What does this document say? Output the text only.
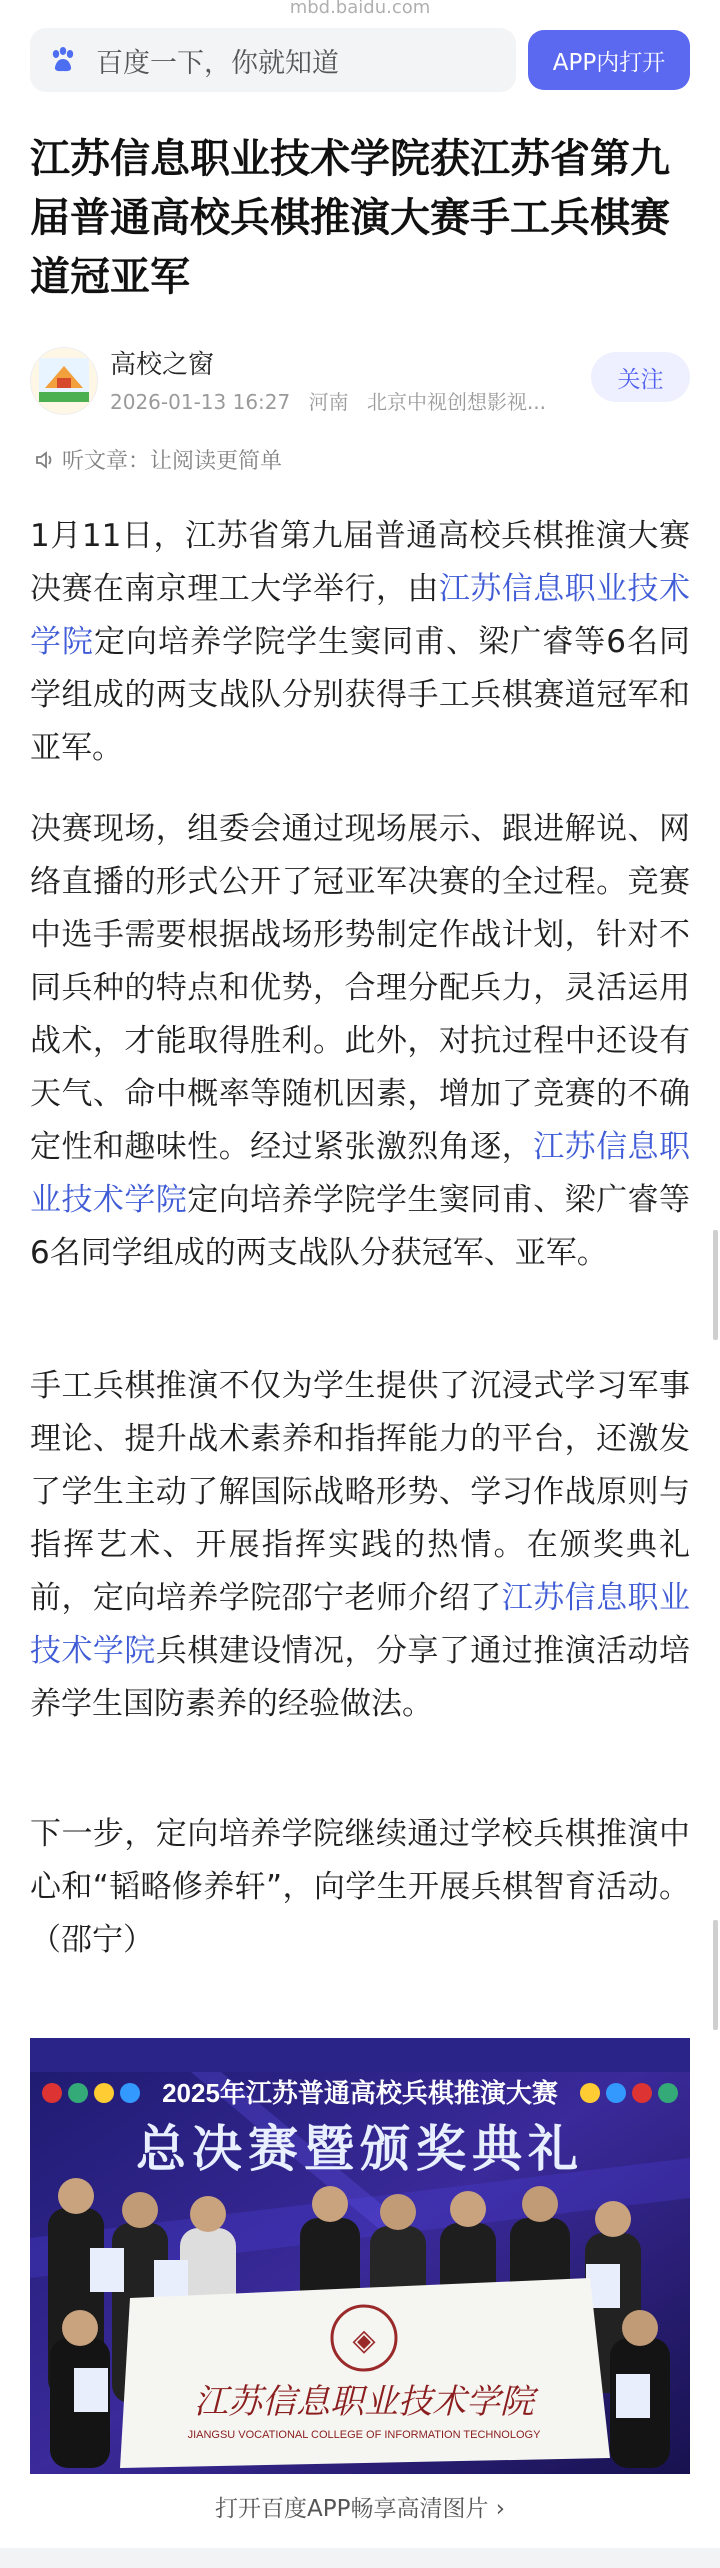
mbd.baidu.com
百度一下，你就知道	APP内打开
江苏信息职业技术学院获江苏省第九届普通高校兵棋推演大赛手工兵棋赛道冠亚军
高校之窗
2026-01-13 16:27 河南 北京中视创想影视...
关注
听文章：让阅读更简单

1月11日，江苏省第九届普通高校兵棋推演大赛决赛在南京理工大学举行，由江苏信息职业技术学院定向培养学院学生窦同甫、梁广睿等6名同学组成的两支战队分别获得手工兵棋赛道冠军和亚军。

决赛现场，组委会通过现场展示、跟进解说、网络直播的形式公开了冠亚军决赛的全过程。竞赛中选手需要根据战场形势制定作战计划，针对不同兵种的特点和优势，合理分配兵力，灵活运用战术，才能取得胜利。此外，对抗过程中还设有天气、命中概率等随机因素，增加了竞赛的不确定性和趣味性。经过紧张激烈角逐，江苏信息职业技术学院定向培养学院学生窦同甫、梁广睿等6名同学组成的两支战队分获冠军、亚军。

手工兵棋推演不仅为学生提供了沉浸式学习军事理论、提升战术素养和指挥能力的平台，还激发了学生主动了解国际战略形势、学习作战原则与指挥艺术、开展指挥实践的热情。在颁奖典礼前，定向培养学院邵宁老师介绍了江苏信息职业技术学院兵棋建设情况，分享了通过推演活动培养学生国防素养的经验做法。

下一步，定向培养学院继续通过学校兵棋推演中心和“韬略修养轩”，向学生开展兵棋智育活动。（邵宁）

2025年江苏普通高校兵棋推演大赛
总决赛暨颁奖典礼
◈
江苏信息职业技术学院
JIANGSU VOCATIONAL COLLEGE OF INFORMATION TECHNOLOGY
打开百度APP畅享高清图片 ›
